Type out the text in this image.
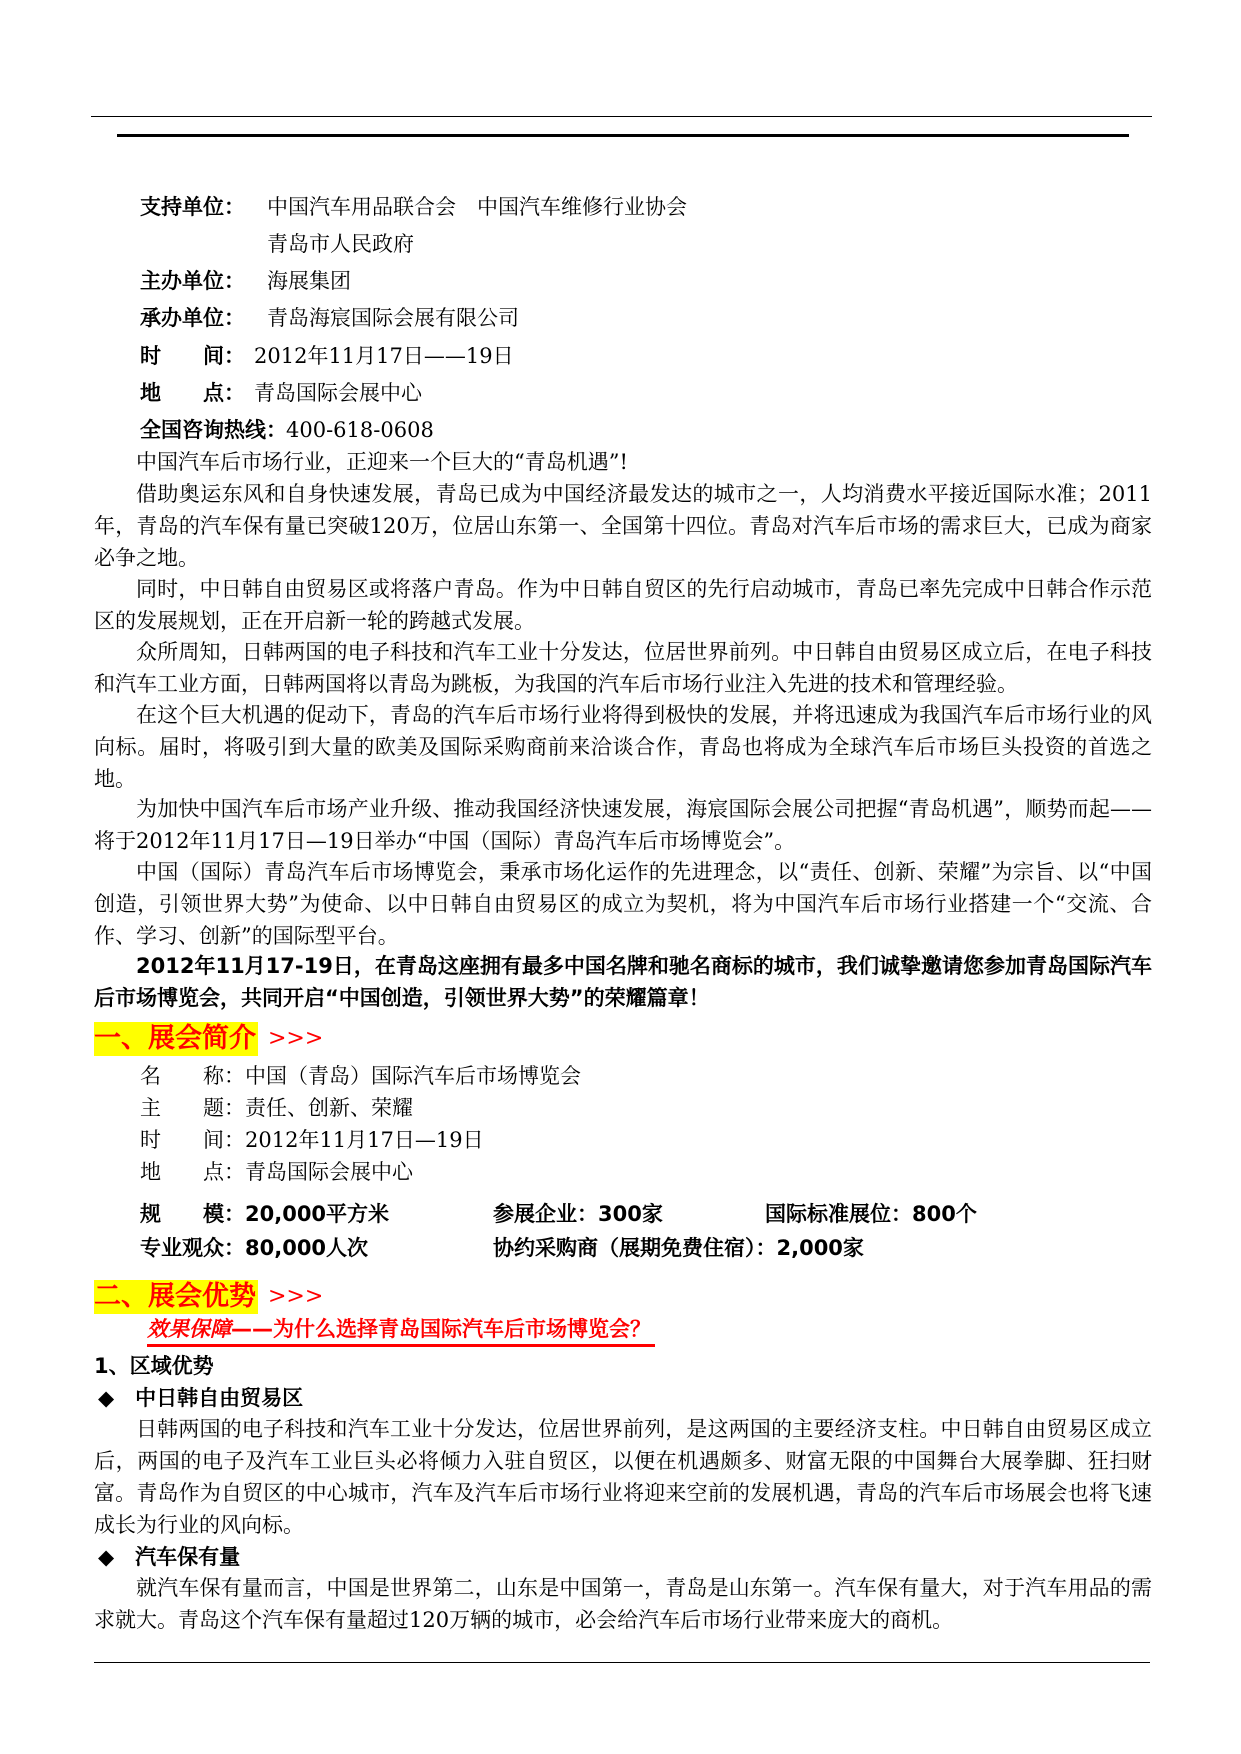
支持单位： 中国汽车用品联合会　中国汽车维修行业协会
青岛市人民政府
主办单位： 海展集团
承办单位： 青岛海宸国际会展有限公司
时　　间： 2012年11月17日——19日
地　　点： 青岛国际会展中心
全国咨询热线： 400-618-0608
中国汽车后市场行业，正迎来一个巨大的“青岛机遇”!
借助奥运东风和自身快速发展，青岛已成为中国经济最发达的城市之一，人均消费水平接近国际水准；2011年，青岛的汽车保有量已突破120万，位居山东第一、全国第十四位。青岛对汽车后市场的需求巨大，已成为商家必争之地。
同时，中日韩自由贸易区或将落户青岛。作为中日韩自贸区的先行启动城市，青岛已率先完成中日韩合作示范区的发展规划，正在开启新一轮的跨越式发展。
众所周知，日韩两国的电子科技和汽车工业十分发达，位居世界前列。中日韩自由贸易区成立后，在电子科技和汽车工业方面，日韩两国将以青岛为跳板，为我国的汽车后市场行业注入先进的技术和管理经验。
在这个巨大机遇的促动下，青岛的汽车后市场行业将得到极快的发展，并将迅速成为我国汽车后市场行业的风向标。届时，将吸引到大量的欧美及国际采购商前来洽谈合作，青岛也将成为全球汽车后市场巨头投资的首选之地。
为加快中国汽车后市场产业升级、推动我国经济快速发展，海宸国际会展公司把握“青岛机遇”，顺势而起——将于2012年11月17日—19日举办“中国（国际）青岛汽车后市场博览会”。
中国（国际）青岛汽车后市场博览会，秉承市场化运作的先进理念，以“责任、创新、荣耀”为宗旨、以“中国创造，引领世界大势”为使命、以中日韩自由贸易区的成立为契机，将为中国汽车后市场行业搭建一个“交流、合作、学习、创新”的国际型平台。
2012年11月17-19日，在青岛这座拥有最多中国名牌和驰名商标的城市，我们诚挚邀请您参加青岛国际汽车后市场博览会，共同开启“中国创造，引领世界大势”的荣耀篇章！
一、展会简介 >>>
名　　称：中国（青岛）国际汽车后市场博览会
主　　题：责任、创新、荣耀
时　　间：2012年11月17日—19日
地　　点：青岛国际会展中心
规　　模：20,000平方米	参展企业：300家	国际标准展位：800个
专业观众：80,000人次	协约采购商（展期免费住宿）：2,000家
二、展会优势 >>>
效果保障——为什么选择青岛国际汽车后市场博览会？
1、区域优势
◆　中日韩自由贸易区
日韩两国的电子科技和汽车工业十分发达，位居世界前列，是这两国的主要经济支柱。中日韩自由贸易区成立后，两国的电子及汽车工业巨头必将倾力入驻自贸区，以便在机遇颇多、财富无限的中国舞台大展拳脚、狂扫财富。青岛作为自贸区的中心城市，汽车及汽车后市场行业将迎来空前的发展机遇，青岛的汽车后市场展会也将飞速成长为行业的风向标。
◆　汽车保有量
就汽车保有量而言，中国是世界第二，山东是中国第一，青岛是山东第一。汽车保有量大，对于汽车用品的需求就大。青岛这个汽车保有量超过120万辆的城市，必会给汽车后市场行业带来庞大的商机。
